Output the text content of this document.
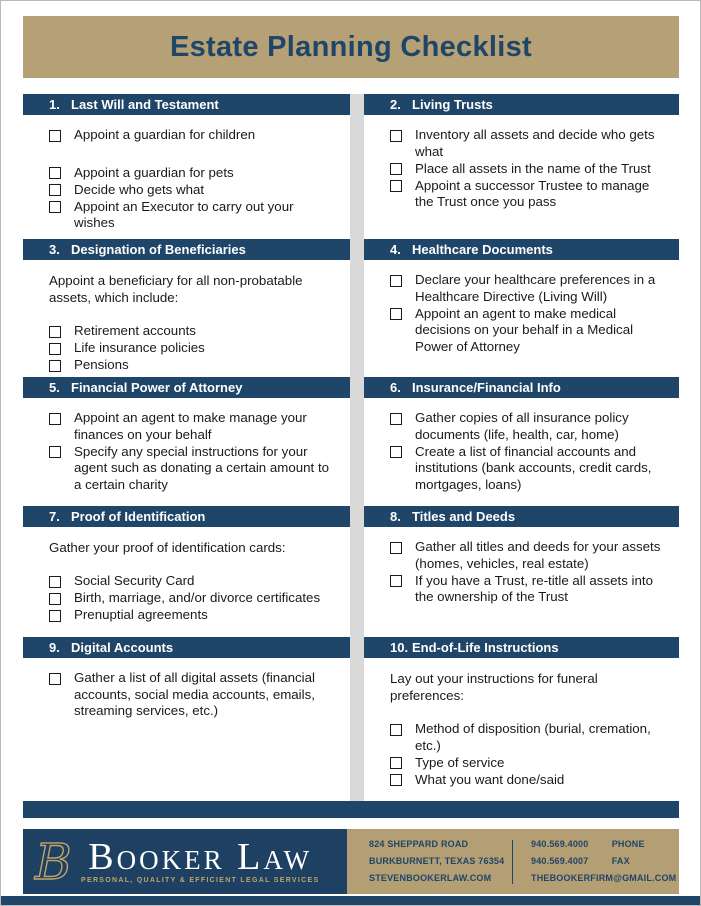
Estate Planning Checklist
1. Last Will and Testament
Appoint a guardian for children
Appoint a guardian for pets
Decide who gets what
Appoint an Executor to carry out your wishes
2. Living Trusts
Inventory all assets and decide who gets what
Place all assets in the name of the Trust
Appoint a successor Trustee to manage the Trust once you pass
3. Designation of Beneficiaries

Appoint a beneficiary for all non-probatable assets, which include:

Retirement accounts
Life insurance policies
Pensions
4. Healthcare Documents
Declare your healthcare preferences in a Healthcare Directive (Living Will)
Appoint an agent to make medical decisions on your behalf in a Medical Power of Attorney
5. Financial Power of Attorney
Appoint an agent to make manage your finances on your behalf
Specify any special instructions for your agent such as donating a certain amount to a certain charity
6. Insurance/Financial Info
Gather copies of all insurance policy documents (life, health, car, home)
Create a list of financial accounts and institutions (bank accounts, credit cards, mortgages, loans)
7. Proof of Identification

Gather your proof of identification cards:

Social Security Card
Birth, marriage, and/or divorce certificates
Prenuptial agreements
8. Titles and Deeds
Gather all titles and deeds for your assets (homes, vehicles, real estate)
If you have a Trust, re-title all assets into the ownership of the Trust
9. Digital Accounts
Gather a list of all digital assets (financial accounts, social media accounts, emails, streaming services, etc.)
10. End-of-Life Instructions

Lay out your instructions for funeral preferences:

Method of disposition (burial, cremation, etc.)
Type of service
What you want done/said
B Booker Law
PERSONAL, QUALITY & EFFICIENT LEGAL SERVICES
824 SHEPPARD ROAD
BURKBURNETT, TEXAS 76354
STEVENBOOKERLAW.COM
940.569.4000	PHONE
940.569.4007	FAX
THEBOOKERFIRM@GMAIL.COM
